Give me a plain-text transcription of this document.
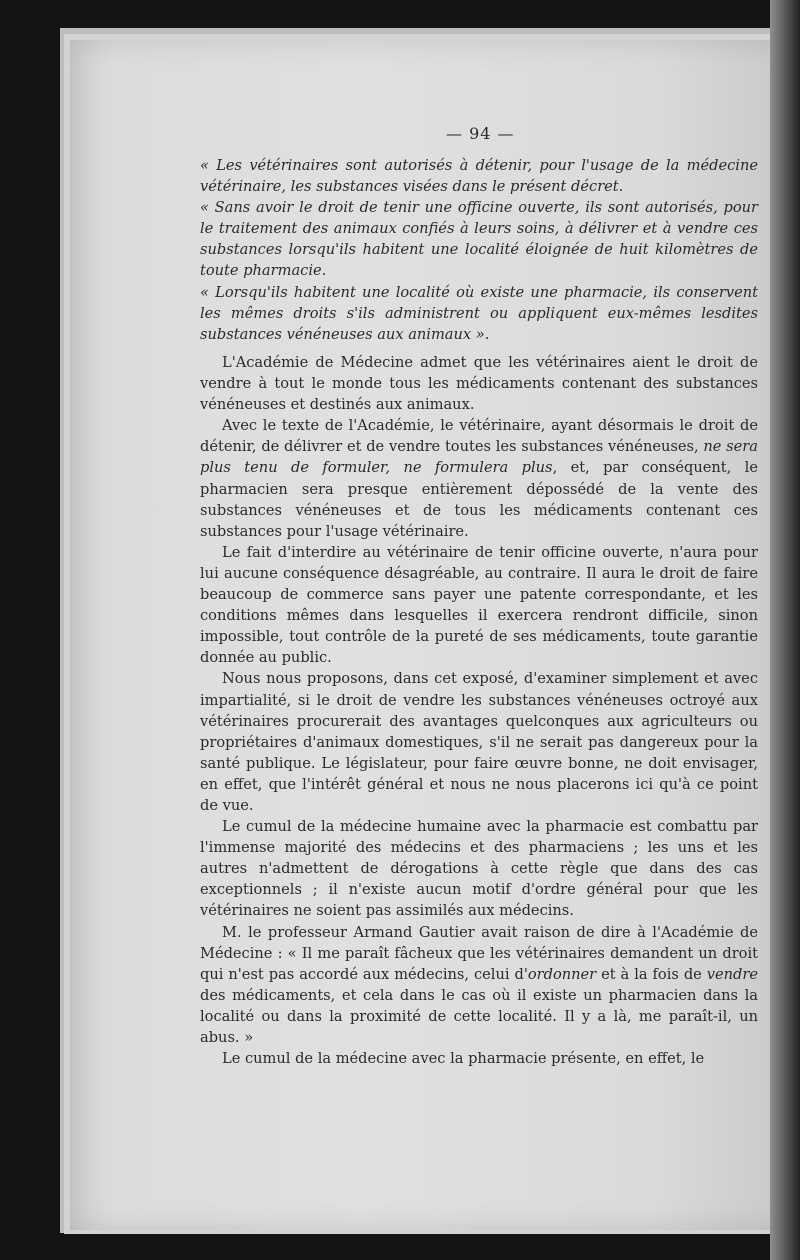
— 94 —

« Les vétérinaires sont autorisés à détenir, pour l'usage de la médecine vétérinaire, les substances visées dans le présent décret.

« Sans avoir le droit de tenir une officine ouverte, ils sont autorisés, pour le traitement des animaux confiés à leurs soins, à délivrer et à vendre ces substances lorsqu'ils habitent une localité éloignée de huit kilomètres de toute pharmacie.

« Lorsqu'ils habitent une localité où existe une pharmacie, ils conservent les mêmes droits s'ils administrent ou appliquent eux-mêmes lesdites substances vénéneuses aux animaux ».

L'Académie de Médecine admet que les vétérinaires aient le droit de vendre à tout le monde tous les médicaments contenant des substances vénéneuses et destinés aux animaux.

Avec le texte de l'Académie, le vétérinaire, ayant désormais le droit de détenir, de délivrer et de vendre toutes les substances vénéneuses, ne sera plus tenu de formuler, ne formulera plus, et, par conséquent, le pharmacien sera presque entièrement dépossédé de la vente des substances vénéneuses et de tous les médicaments contenant ces substances pour l'usage vétérinaire.

Le fait d'interdire au vétérinaire de tenir officine ouverte, n'aura pour lui aucune conséquence désagréable, au contraire. Il aura le droit de faire beaucoup de commerce sans payer une patente correspondante, et les conditions mêmes dans lesquelles il exercera rendront difficile, sinon impossible, tout contrôle de la pureté de ses médicaments, toute garantie donnée au public.

Nous nous proposons, dans cet exposé, d'examiner simplement et avec impartialité, si le droit de vendre les substances vénéneuses octroyé aux vétérinaires procurerait des avantages quelconques aux agriculteurs ou propriétaires d'animaux domestiques, s'il ne serait pas dangereux pour la santé publique. Le législateur, pour faire œuvre bonne, ne doit envisager, en effet, que l'intérêt général et nous ne nous placerons ici qu'à ce point de vue.

Le cumul de la médecine humaine avec la pharmacie est combattu par l'immense majorité des médecins et des pharmaciens ; les uns et les autres n'admettent de dérogations à cette règle que dans des cas exceptionnels ; il n'existe aucun motif d'ordre général pour que les vétérinaires ne soient pas assimilés aux médecins.

M. le professeur Armand Gautier avait raison de dire à l'Académie de Médecine : « Il me paraît fâcheux que les vétérinaires demandent un droit qui n'est pas accordé aux médecins, celui d'ordonner et à la fois de vendre des médicaments, et cela dans le cas où il existe un pharmacien dans la localité ou dans la proximité de cette localité. Il y a là, me paraît-il, un abus. »

Le cumul de la médecine avec la pharmacie présente, en effet, le
